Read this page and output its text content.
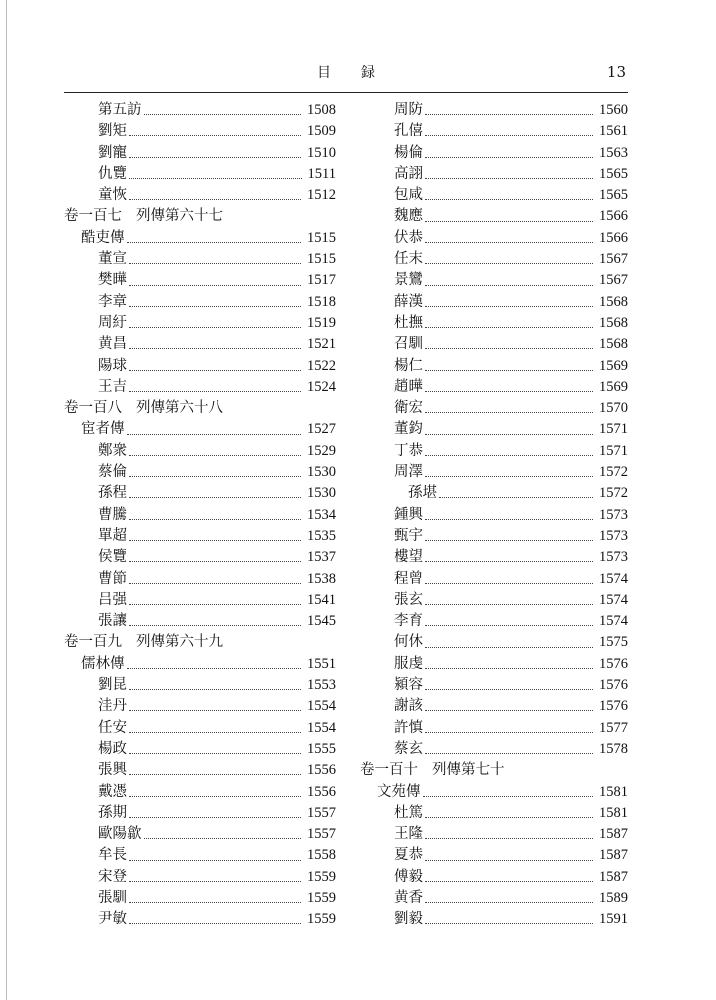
目録	13
第五訪	1508
劉矩	1509
劉寵	1510
仇覽	1511
童恢	1512
卷一百七 列傳第六十七
酷吏傳	1515
董宣	1515
樊曄	1517
李章	1518
周紆	1519
黄昌	1521
陽球	1522
王吉	1524
卷一百八 列傳第六十八
宦者傳	1527
鄭衆	1529
蔡倫	1530
孫程	1530
曹騰	1534
單超	1535
侯覽	1537
曹節	1538
吕强	1541
張讓	1545
卷一百九 列傳第六十九
儒林傳	1551
劉昆	1553
洼丹	1554
任安	1554
楊政	1555
張興	1556
戴憑	1556
孫期	1557
歐陽歙	1557
牟長	1558
宋登	1559
張馴	1559
尹敏	1559
周防	1560
孔僖	1561
楊倫	1563
高詡	1565
包咸	1565
魏應	1566
伏恭	1566
任末	1567
景鸞	1567
薛漢	1568
杜撫	1568
召馴	1568
楊仁	1569
趙曄	1569
衛宏	1570
董鈞	1571
丁恭	1571
周澤	1572
孫堪	1572
鍾興	1573
甄宇	1573
樓望	1573
程曾	1574
張玄	1574
李育	1574
何休	1575
服虔	1576
潁容	1576
謝該	1576
許慎	1577
蔡玄	1578
卷一百十 列傳第七十
文苑傳	1581
杜篤	1581
王隆	1587
夏恭	1587
傅毅	1587
黄香	1589
劉毅	1591
